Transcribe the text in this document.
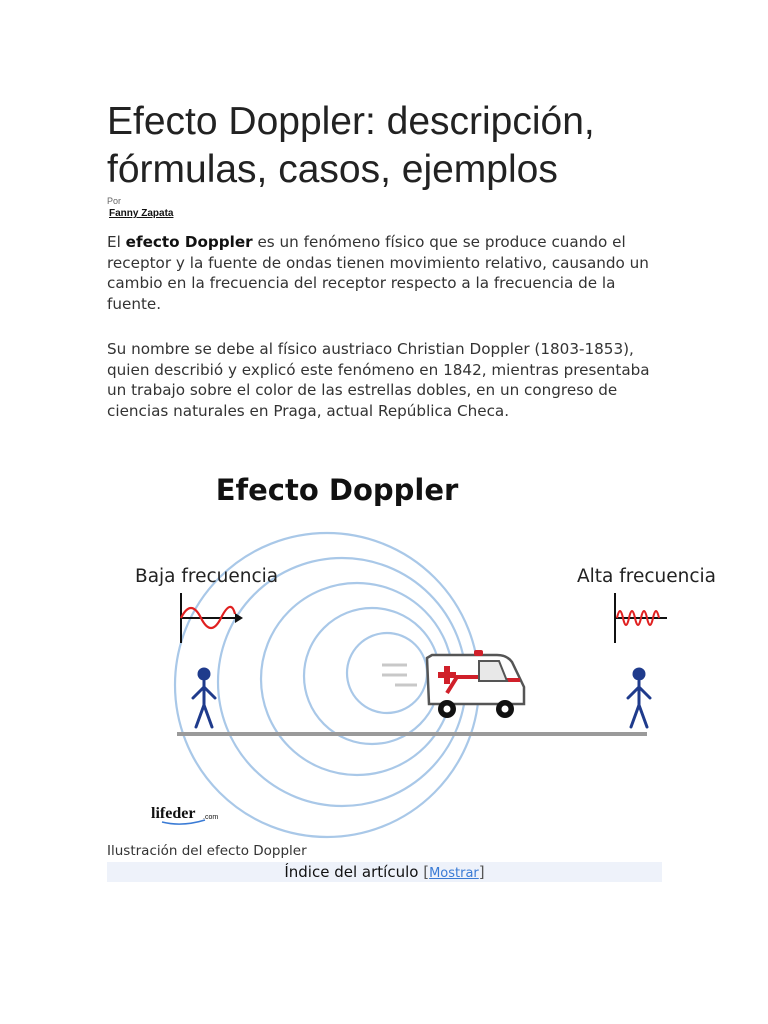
Efecto Doppler: descripción, fórmulas, casos, ejemplos
Por
Fanny Zapata

El efecto Doppler es un fenómeno físico que se produce cuando el receptor y la fuente de ondas tienen movimiento relativo, causando un cambio en la frecuencia del receptor respecto a la frecuencia de la fuente.

Su nombre se debe al físico austriaco Christian Doppler (1803-1853), quien describió y explicó este fenómeno en 1842, mientras presentaba un trabajo sobre el color de las estrellas dobles, en un congreso de ciencias naturales en Praga, actual República Checa.

Efecto Doppler
Baja frecuencia	Alta frecuencia
lifeder .com
Ilustración del efecto Doppler
Índice del artículo [Mostrar]
